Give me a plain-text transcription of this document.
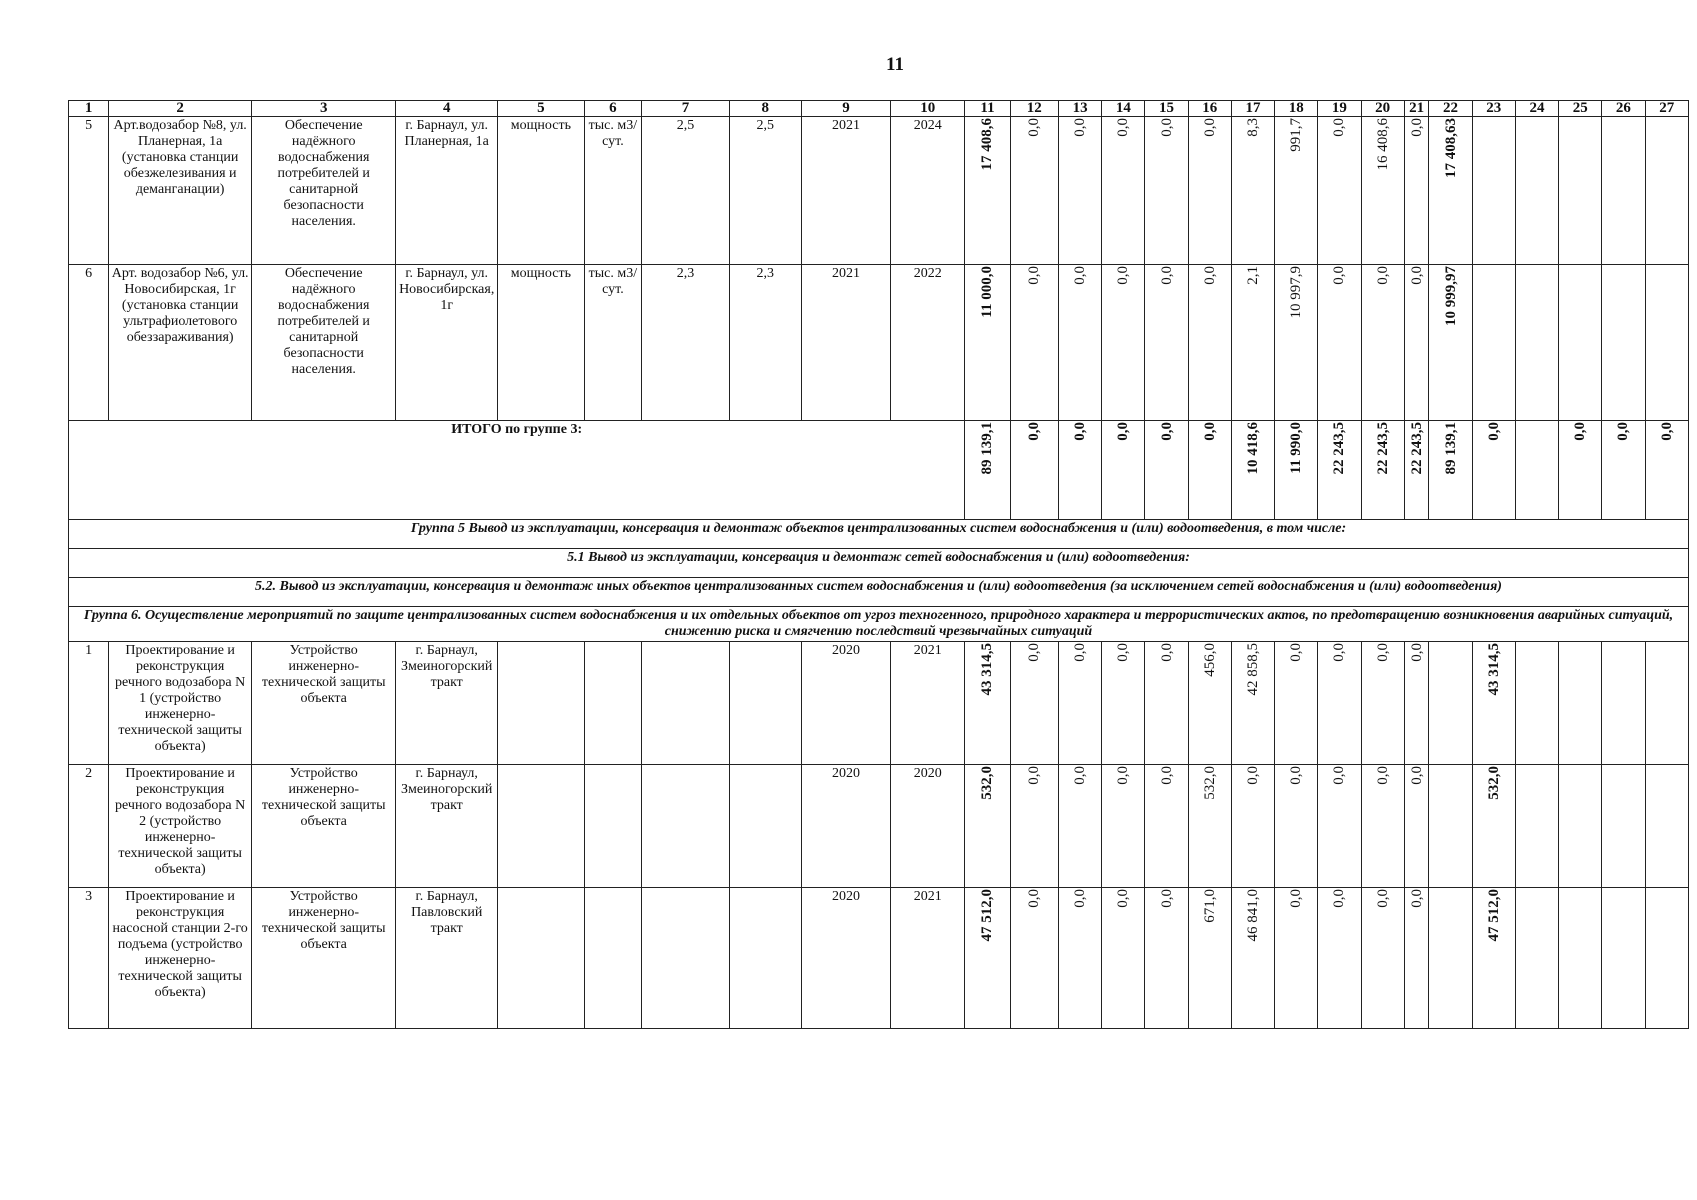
11
1	2	3	4	5	6	7	8	9	10	11	12	13	14	15	16	17	18	19	20	21	22	23	24	25	26	27
5	Арт.водозабор №8, ул. Планерная, 1а (установка станции обезжелезивания и деманганации)	Обеспечение надёжного водоснабжения потребителей и санитарной безопасности населения.	г. Барнаул, ул. Планерная, 1а	мощность	тыс. м3/сут.	2,5	2,5	2021	2024	17 408,6	0,0	0,0	0,0	0,0	0,0	8,3	991,7	0,0	16 408,6	0,0	17 408,63					
6	Арт. водозабор №6, ул. Новосибирская, 1г (установка станции ультрафиолетового обеззараживания)	Обеспечение надёжного водоснабжения потребителей и санитарной безопасности населения.	г. Барнаул, ул. Новосибирская, 1г	мощность	тыс. м3/сут.	2,3	2,3	2021	2022	11 000,0	0,0	0,0	0,0	0,0	0,0	2,1	10 997,9	0,0	0,0	0,0	10 999,97					
ИТОГО по группе 3:										89 139,1	0,0	0,0	0,0	0,0	0,0	10 418,6	11 990,0	22 243,5	22 243,5	22 243,5	89 139,1	0,0		0,0	0,0	0,0
Группа 5 Вывод из эксплуатации, консервация и демонтаж объектов централизованных систем водоснабжения и (или) водоотведения, в том числе:																										
5.1 Вывод из эксплуатации, консервация и демонтаж сетей водоснабжения и (или) водоотведения:																										
5.2. Вывод из эксплуатации, консервация и демонтаж иных объектов централизованных систем водоснабжения и (или) водоотведения (за исключением сетей водоснабжения и (или) водоотведения)																										
Группа 6. Осуществление мероприятий по защите централизованных систем водоснабжения и их отдельных объектов от угроз техногенного, природного характера и террористических актов, по предотвращению возникновения аварийных ситуаций, снижению риска и смягчению последствий чрезвычайных ситуаций																										
1	Проектирование и реконструкция речного водозабора N 1 (устройство инженерно-технической защиты объекта)	Устройство инженерно-технической защиты объекта	г. Барнаул, Змеиногорский тракт					2020	2021	43 314,5	0,0	0,0	0,0	0,0	456,0	42 858,5	0,0	0,0	0,0	0,0		43 314,5				
2	Проектирование и реконструкция речного водозабора N 2 (устройство инженерно-технической защиты объекта)	Устройство инженерно-технической защиты объекта	г. Барнаул, Змеиногорский тракт					2020	2020	532,0	0,0	0,0	0,0	0,0	532,0	0,0	0,0	0,0	0,0	0,0		532,0				
3	Проектирование и реконструкция насосной станции 2-го подъема (устройство инженерно-технической защиты объекта)	Устройство инженерно-технической защиты объекта	г. Барнаул, Павловский тракт					2020	2021	47 512,0	0,0	0,0	0,0	0,0	671,0	46 841,0	0,0	0,0	0,0	0,0		47 512,0				
